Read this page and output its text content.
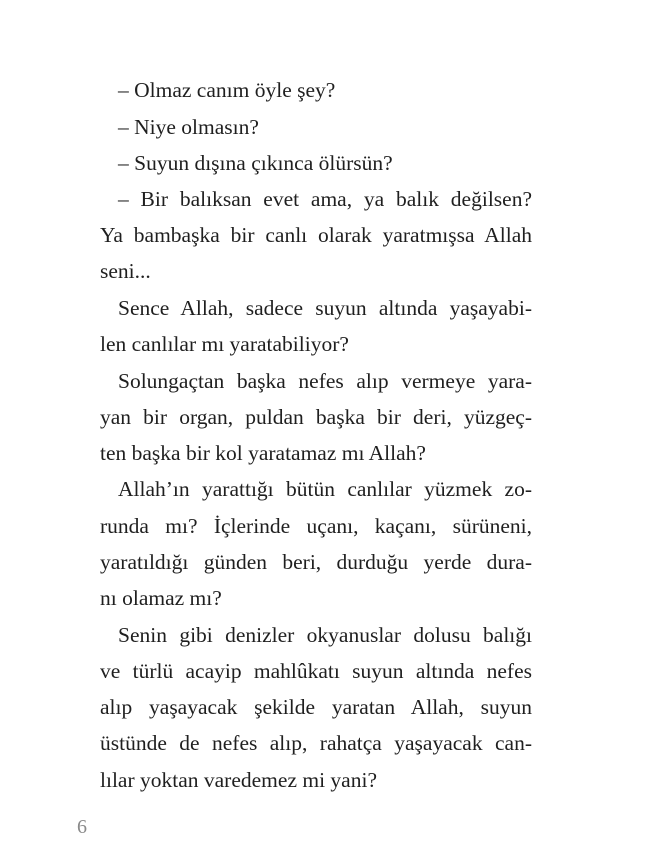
– Olmaz canım öyle şey?
– Niye olmasın?
– Suyun dışına çıkınca ölürsün?
– Bir balıksan evet ama, ya balık değilsen?
Ya bambaşka bir canlı olarak yaratmışsa Allah
seni...
Sence Allah, sadece suyun altında yaşayabi-
len canlılar mı yaratabiliyor?
Solungaçtan başka nefes alıp vermeye yara-
yan bir organ, puldan başka bir deri, yüzgeç-
ten başka bir kol yaratamaz mı Allah?
Allah’ın yarattığı bütün canlılar yüzmek zo-
runda mı? İçlerinde uçanı, kaçanı, sürüneni,
yaratıldığı günden beri, durduğu yerde dura-
nı olamaz mı?
Senin gibi denizler okyanuslar dolusu balığı
ve türlü acayip mahlûkatı suyun altında nefes
alıp yaşayacak şekilde yaratan Allah, suyun
üstünde de nefes alıp, rahatça yaşayacak can-
lılar yoktan varedemez mi yani?
6
